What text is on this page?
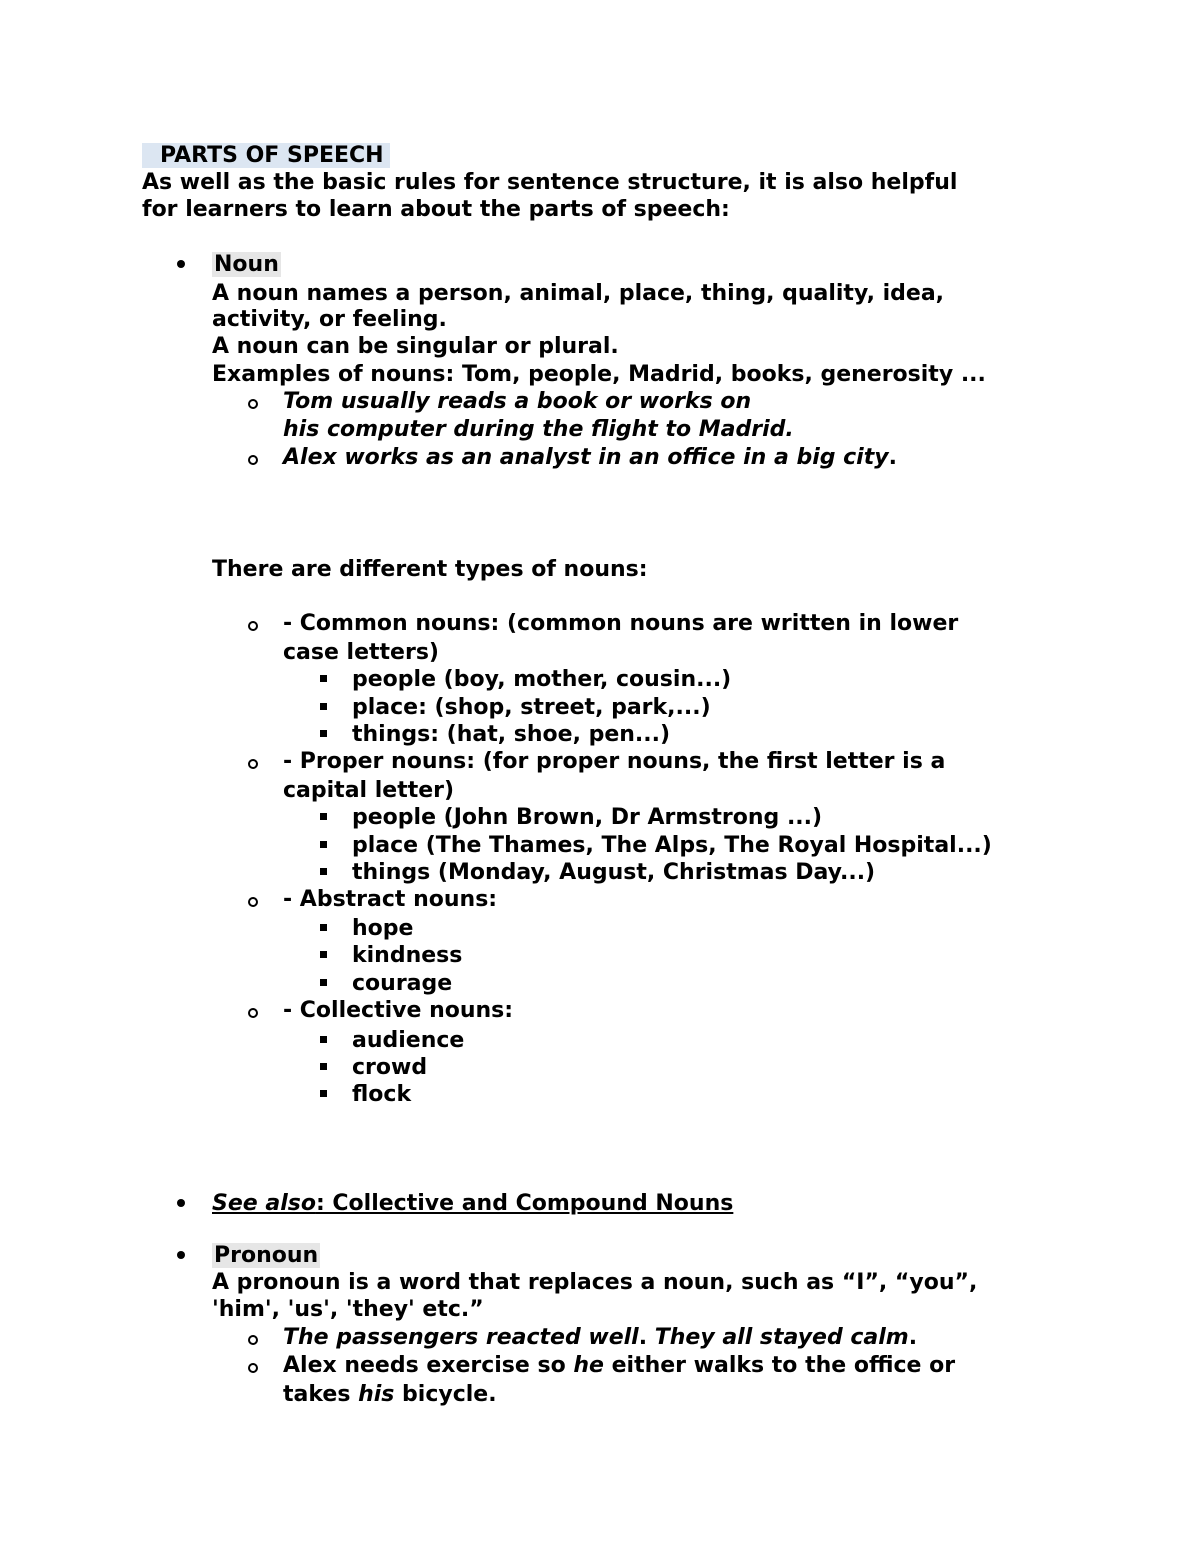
PARTS OF SPEECH
As well as the basic rules for sentence structure, it is also helpful
for learners to learn about the parts of speech:
Noun
A noun names a person, animal, place, thing, quality, idea,
activity, or feeling.
A noun can be singular or plural.
Examples of nouns: Tom, people, Madrid, books, generosity ...
Tom usually reads a book or works on
his computer during the flight to Madrid.
Alex works as an analyst in an office in a big city.
There are different types of nouns:
- Common nouns: (common nouns are written in lower
case letters)
people (boy, mother, cousin...)
place: (shop, street, park,...)
things: (hat, shoe, pen...)
- Proper nouns: (for proper nouns, the first letter is a
capital letter)
people (John Brown, Dr Armstrong ...)
place (The Thames, The Alps, The Royal Hospital...)
things (Monday, August, Christmas Day...)
- Abstract nouns:
hope
kindness
courage
- Collective nouns:
audience
crowd
flock
See also: Collective and Compound Nouns
Pronoun
A pronoun is a word that replaces a noun, such as “I”, “you”,
'him', 'us', 'they' etc.”
The passengers reacted well. They all stayed calm.
Alex needs exercise so he either walks to the office or
takes his bicycle.
